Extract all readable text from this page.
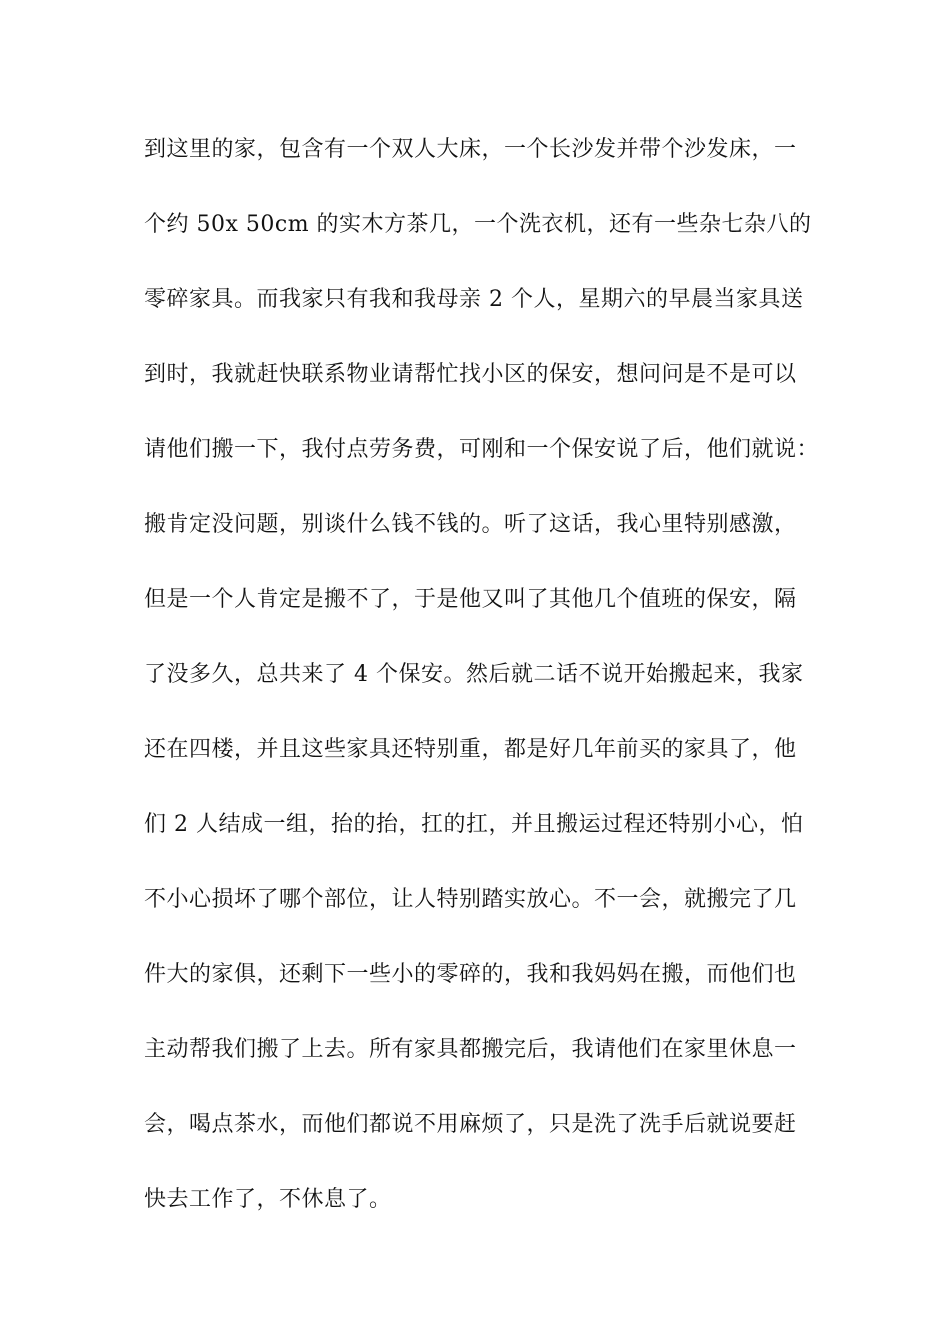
到这里的家，包含有一个双人大床，一个长沙发并带个沙发床，一
个约 50x 50cm 的实木方茶几，一个洗衣机，还有一些杂七杂八的
零碎家具。而我家只有我和我母亲 2 个人，星期六的早晨当家具送
到时，我就赶快联系物业请帮忙找小区的保安，想问问是不是可以
请他们搬一下，我付点劳务费，可刚和一个保安说了后，他们就说：
搬肯定没问题，别谈什么钱不钱的。听了这话，我心里特别感激，
但是一个人肯定是搬不了，于是他又叫了其他几个值班的保安，隔
了没多久，总共来了 4 个保安。然后就二话不说开始搬起来，我家
还在四楼，并且这些家具还特别重，都是好几年前买的家具了，他
们 2 人结成一组，抬的抬，扛的扛，并且搬运过程还特别小心，怕
不小心损坏了哪个部位，让人特别踏实放心。不一会，就搬完了几
件大的家俱，还剩下一些小的零碎的，我和我妈妈在搬，而他们也
主动帮我们搬了上去。所有家具都搬完后，我请他们在家里休息一
会，喝点茶水，而他们都说不用麻烦了，只是洗了洗手后就说要赶
快去工作了，不休息了。
